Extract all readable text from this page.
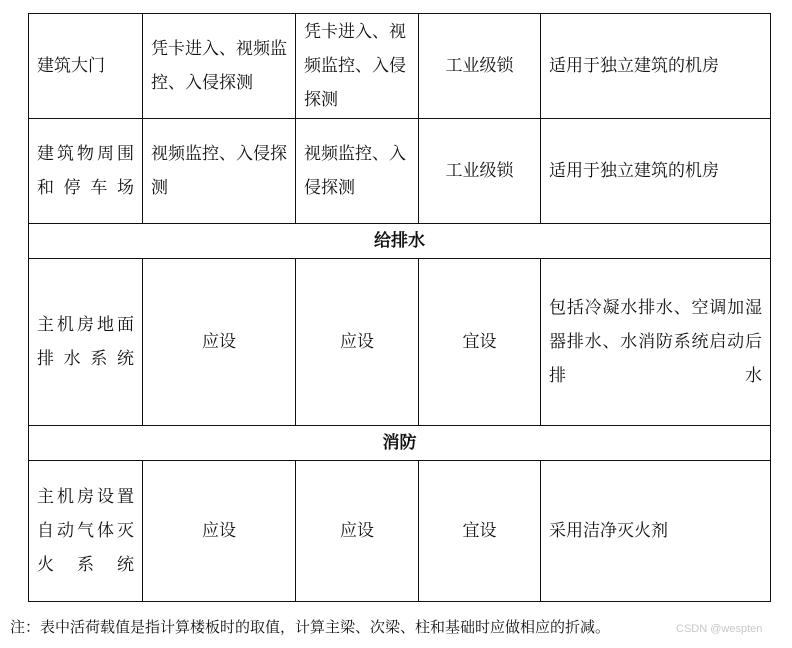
建筑大门	凭卡进入、视频监控、入侵探测	凭卡进入、视频监控、入侵探测	工业级锁	适用于独立建筑的机房
建筑物周围和停车场	视频监控、入侵探测	视频监控、入侵探测	工业级锁	适用于独立建筑的机房
给排水				
主机房地面排水系统	应设	应设	宜设	包括冷凝水排水、空调加湿器排水、水消防系统启动后排水
消防				
主机房设置自动气体灭火系统	应设	应设	宜设	采用洁净灭火剂
注：表中活荷载值是指计算楼板时的取值，计算主梁、次梁、柱和基础时应做相应的折减。	CSDN @wespten
